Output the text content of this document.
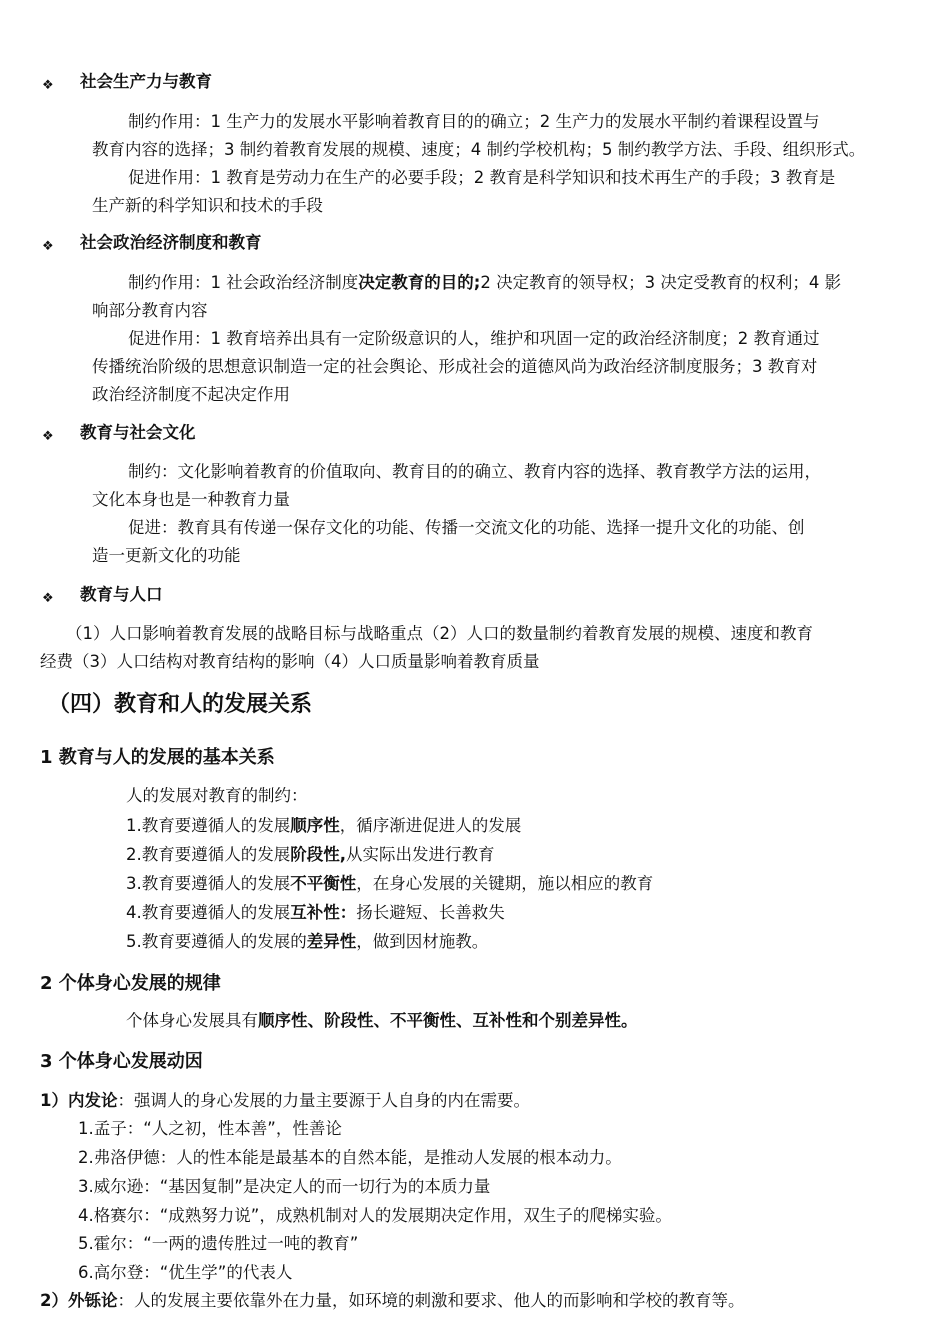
❖ 社会生产力与教育
制约作用：1 生产力的发展水平影响着教育目的的确立；2 生产力的发展水平制约着课程设置与
教育内容的选择；3 制约着教育发展的规模、速度；4 制约学校机构；5 制约教学方法、手段、组织形式。
促进作用：1 教育是劳动力在生产的必要手段；2 教育是科学知识和技术再生产的手段；3 教育是
生产新的科学知识和技术的手段
❖ 社会政治经济制度和教育
制约作用：1 社会政治经济制度决定教育的目的;2 决定教育的领导权；3 决定受教育的权利；4 影
响部分教育内容
促进作用：1 教育培养出具有一定阶级意识的人，维护和巩固一定的政治经济制度；2 教育通过
传播统治阶级的思想意识制造一定的社会舆论、形成社会的道德风尚为政治经济制度服务；3 教育对
政治经济制度不起决定作用
❖ 教育与社会文化
制约：文化影响着教育的价值取向、教育目的的确立、教育内容的选择、教育教学方法的运用，
文化本身也是一种教育力量
促进：教育具有传递一保存文化的功能、传播一交流文化的功能、选择一提升文化的功能、创
造一更新文化的功能
❖ 教育与人口
（1）人口影响着教育发展的战略目标与战略重点（2）人口的数量制约着教育发展的规模、速度和教育
经费（3）人口结构对教育结构的影响（4）人口质量影响着教育质量
（四）教育和人的发展关系
1 教育与人的发展的基本关系
人的发展对教育的制约：
1.教育要遵循人的发展顺序性，循序渐进促进人的发展
2.教育要遵循人的发展阶段性,从实际出发进行教育
3.教育要遵循人的发展不平衡性，在身心发展的关键期，施以相应的教育
4.教育要遵循人的发展互补性：扬长避短、长善救失
5.教育要遵循人的发展的差异性，做到因材施教。
2 个体身心发展的规律
个体身心发展具有顺序性、阶段性、不平衡性、互补性和个别差异性。
3 个体身心发展动因
1）内发论：强调人的身心发展的力量主要源于人自身的内在需要。
1.孟子：“人之初，性本善”，性善论
2.弗洛伊德：人的性本能是最基本的自然本能，是推动人发展的根本动力。
3.威尔逊：“基因复制”是决定人的而一切行为的本质力量
4.格赛尔：“成熟努力说”，成熟机制对人的发展期决定作用，双生子的爬梯实验。
5.霍尔：“一两的遗传胜过一吨的教育”
6.高尔登：“优生学”的代表人
2）外铄论：人的发展主要依靠外在力量，如环境的刺激和要求、他人的而影响和学校的教育等。
